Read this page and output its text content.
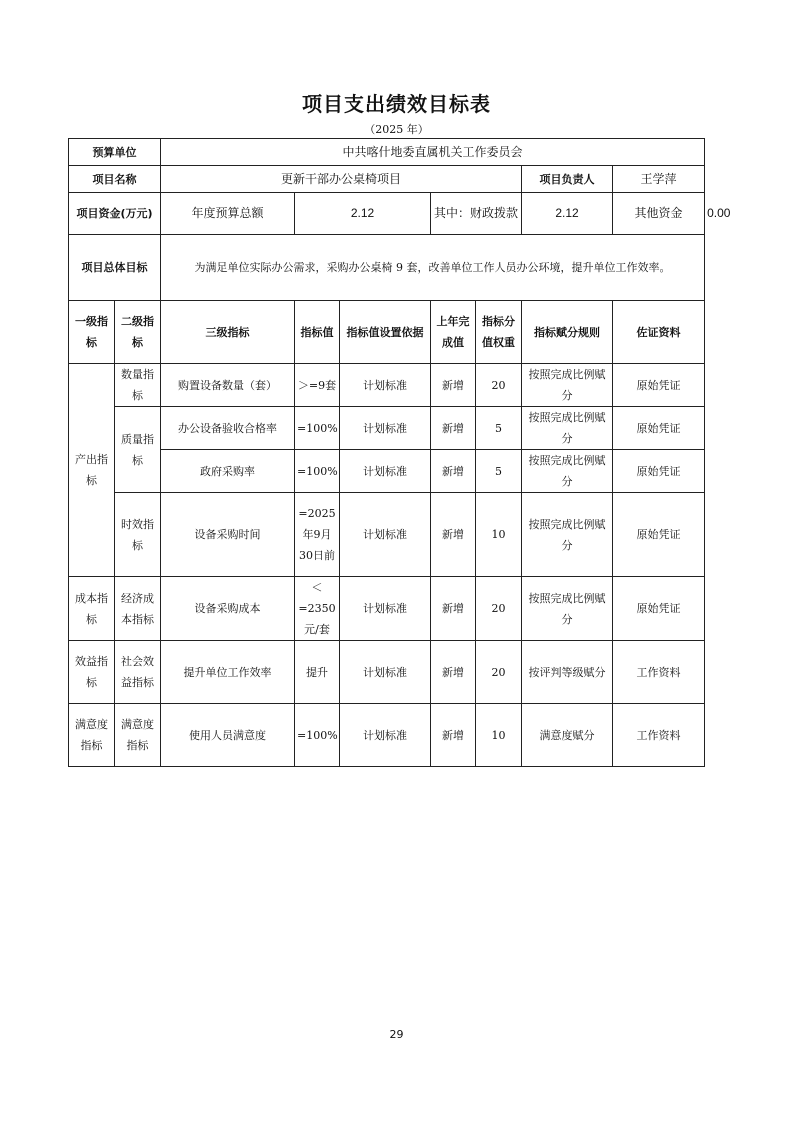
项目支出绩效目标表
（2025 年）
预算单位		中共喀什地委直属机关工作委员会							
项目名称		更新干部办公桌椅项目					项目负责人	王学萍	
项目资金(万元)		年度预算总额	2.12		其中：财政拨款		2.12	其他资金	0.00
项目总体目标		为满足单位实际办公需求，采购办公桌椅 9 套，改善单位工作人员办公环境，提升单位工作效率。							
一级指标	二级指标	三级指标	指标值	指标值设置依据	上年完成值	指标分值权重	指标赋分规则	佐证资料	
产出指标	数量指标	购置设备数量（套）	＞=9套	计划标准	新增	20	按照完成比例赋分	原始凭证	
	质量指标	办公设备验收合格率	=100%	计划标准	新增	5	按照完成比例赋分	原始凭证	
		政府采购率	=100%	计划标准	新增	5	按照完成比例赋分	原始凭证	
	时效指标	设备采购时间	=2025年9月30日前	计划标准	新增	10	按照完成比例赋分	原始凭证	
成本指标	经济成本指标	设备采购成本	＜=2350元/套	计划标准	新增	20	按照完成比例赋分	原始凭证	
效益指标	社会效益指标	提升单位工作效率	提升	计划标准	新增	20	按评判等级赋分	工作资料	
满意度指标	满意度指标	使用人员满意度	=100%	计划标准	新增	10	满意度赋分	工作资料	
29
